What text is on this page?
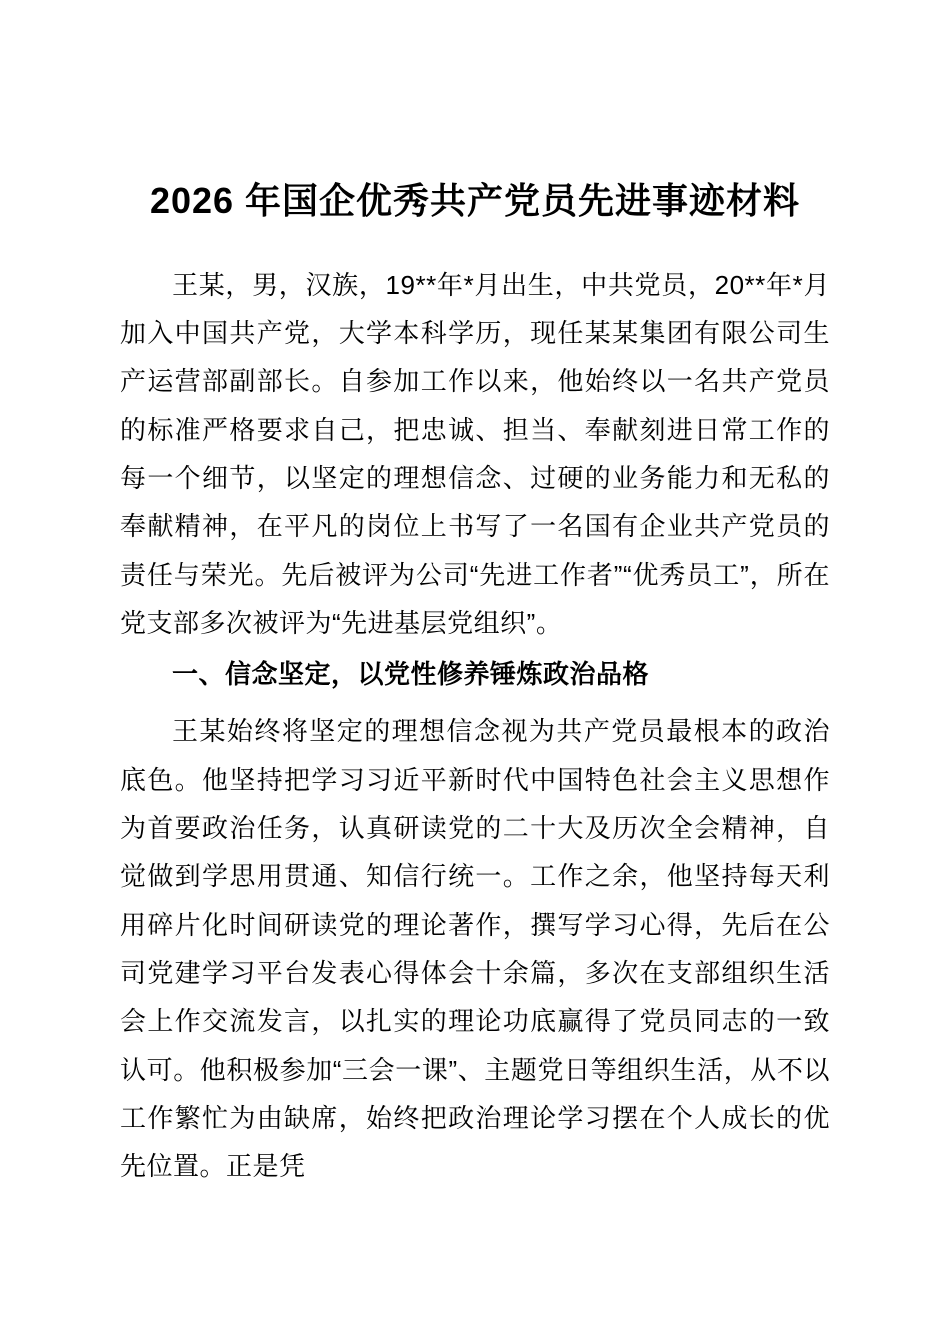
2026 年国企优秀共产党员先进事迹材料

王某，男，汉族，19**年*月出生，中共党员，20**年*月加入中国共产党，大学本科学历，现任某某集团有限公司生产运营部副部长。自参加工作以来，他始终以一名共产党员的标准严格要求自己，把忠诚、担当、奉献刻进日常工作的每一个细节，以坚定的理想信念、过硬的业务能力和无私的奉献精神，在平凡的岗位上书写了一名国有企业共产党员的责任与荣光。先后被评为公司“先进工作者”“优秀员工”，所在党支部多次被评为“先进基层党组织”。

一、信念坚定，以党性修养锤炼政治品格

王某始终将坚定的理想信念视为共产党员最根本的政治底色。他坚持把学习习近平新时代中国特色社会主义思想作为首要政治任务，认真研读党的二十大及历次全会精神，自觉做到学思用贯通、知信行统一。工作之余，他坚持每天利用碎片化时间研读党的理论著作，撰写学习心得，先后在公司党建学习平台发表心得体会十余篇，多次在支部组织生活会上作交流发言，以扎实的理论功底赢得了党员同志的一致认可。他积极参加“三会一课”、主题党日等组织生活，从不以工作繁忙为由缺席，始终把政治理论学习摆在个人成长的优先位置。正是凭
